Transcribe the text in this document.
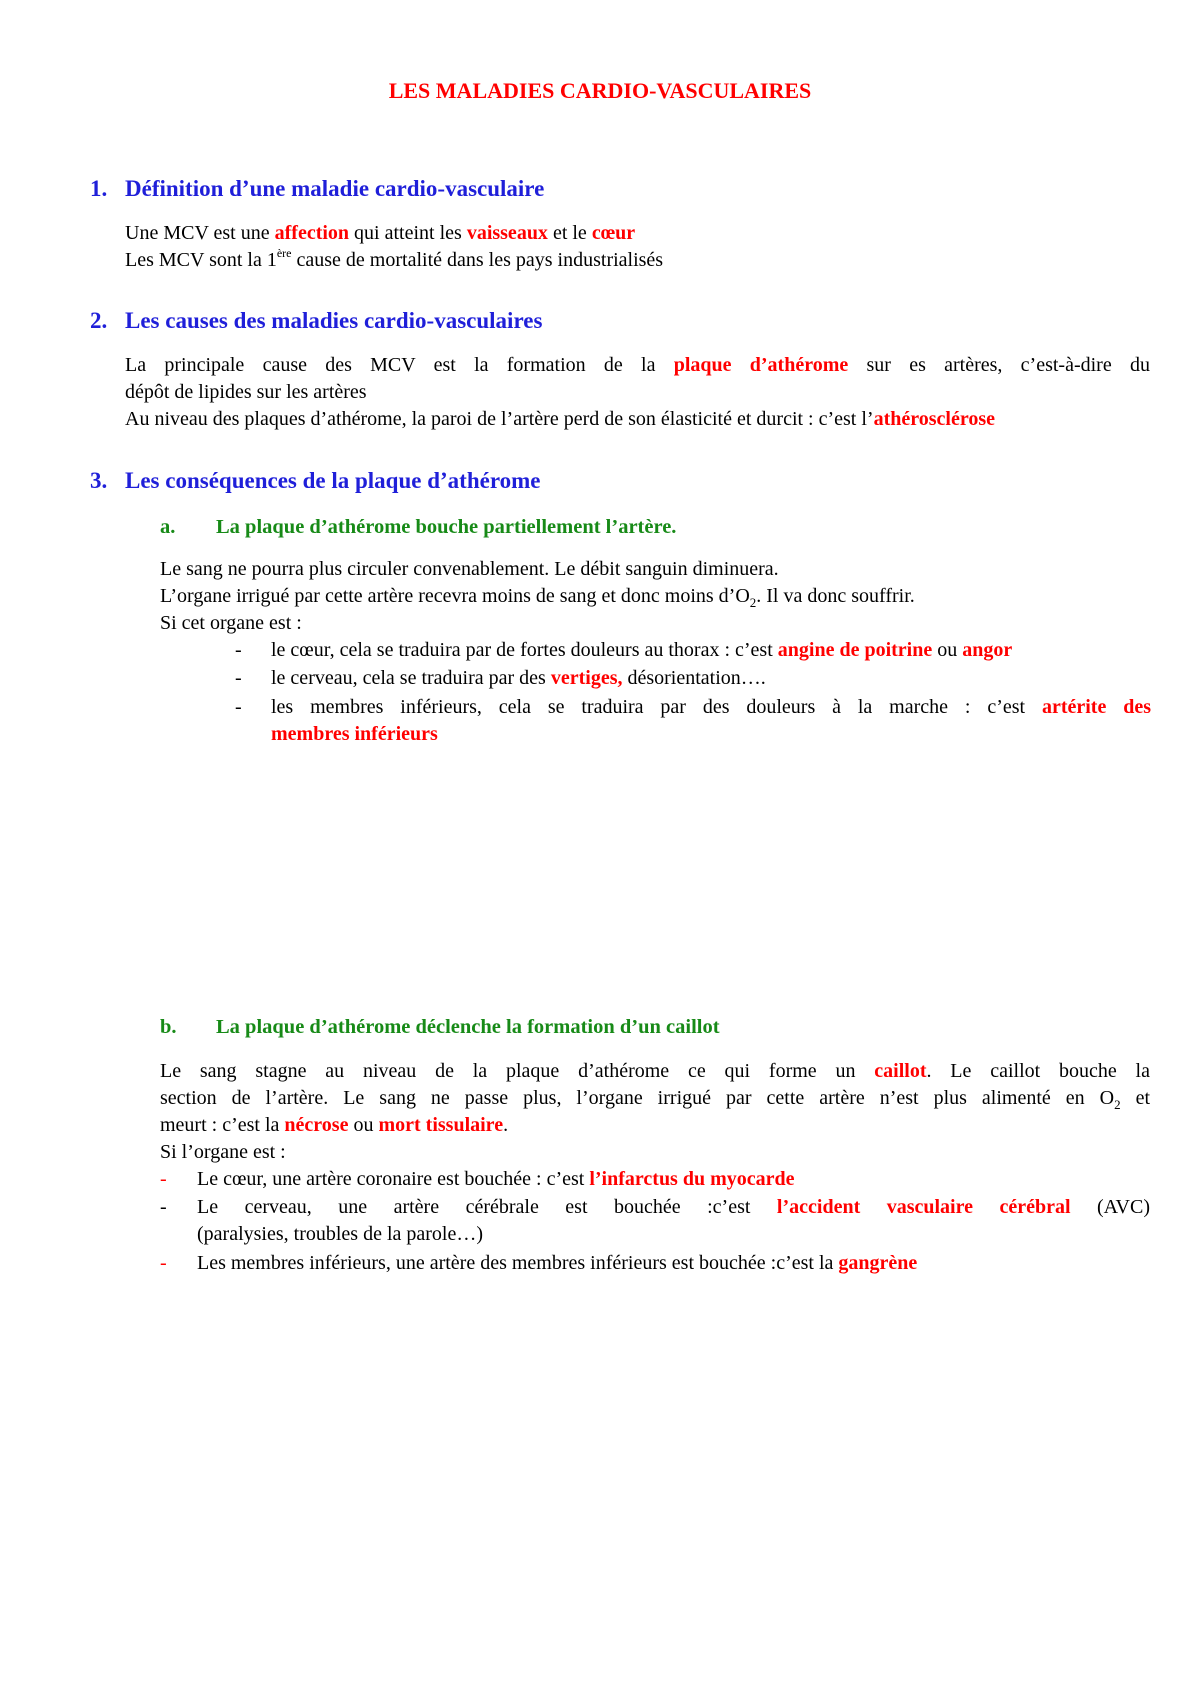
LES MALADIES CARDIO-VASCULAIRES
1. Définition d’une maladie cardio-vasculaire
Une MCV est une affection qui atteint les vaisseaux et le cœur
Les MCV sont la 1ère cause de mortalité dans les pays industrialisés
2. Les causes des maladies cardio-vasculaires
La principale cause des MCV est la formation de la plaque d’athérome sur es artères, c’est-à-dire du
dépôt de lipides sur les artères
Au niveau des plaques d’athérome, la paroi de l’artère perd de son élasticité et durcit : c’est l’athérosclérose
3. Les conséquences de la plaque d’athérome
a. La plaque d’athérome bouche partiellement l’artère.
Le sang ne pourra plus circuler convenablement. Le débit sanguin diminuera.
L’organe irrigué par cette artère recevra moins de sang et donc moins $d’O_2$. Il va donc souffrir.
Si cet organe est :
- le cœur, cela se traduira par de fortes douleurs au thorax : c’est angine de poitrine ou angor
- le cerveau, cela se traduira par des vertiges, désorientation….
- les membres inférieurs, cela se traduira par des douleurs à la marche : c’est artérite des
membres inférieurs
b. La plaque d’athérome déclenche la formation d’un caillot
Le sang stagne au niveau de la plaque d’athérome ce qui forme un caillot. Le caillot bouche la
section de l’artère. Le sang ne passe plus, l’organe irrigué par cette artère n’est plus alimenté en $O_2$ et
meurt : c’est la nécrose ou mort tissulaire.
Si l’organe est :
- Le cœur, une artère coronaire est bouchée : c’est l’infarctus du myocarde
- Le cerveau, une artère cérébrale est bouchée :c’est l’accident vasculaire cérébral (AVC)
(paralysies, troubles de la parole…)
- Les membres inférieurs, une artère des membres inférieurs est bouchée :c’est la gangrène
